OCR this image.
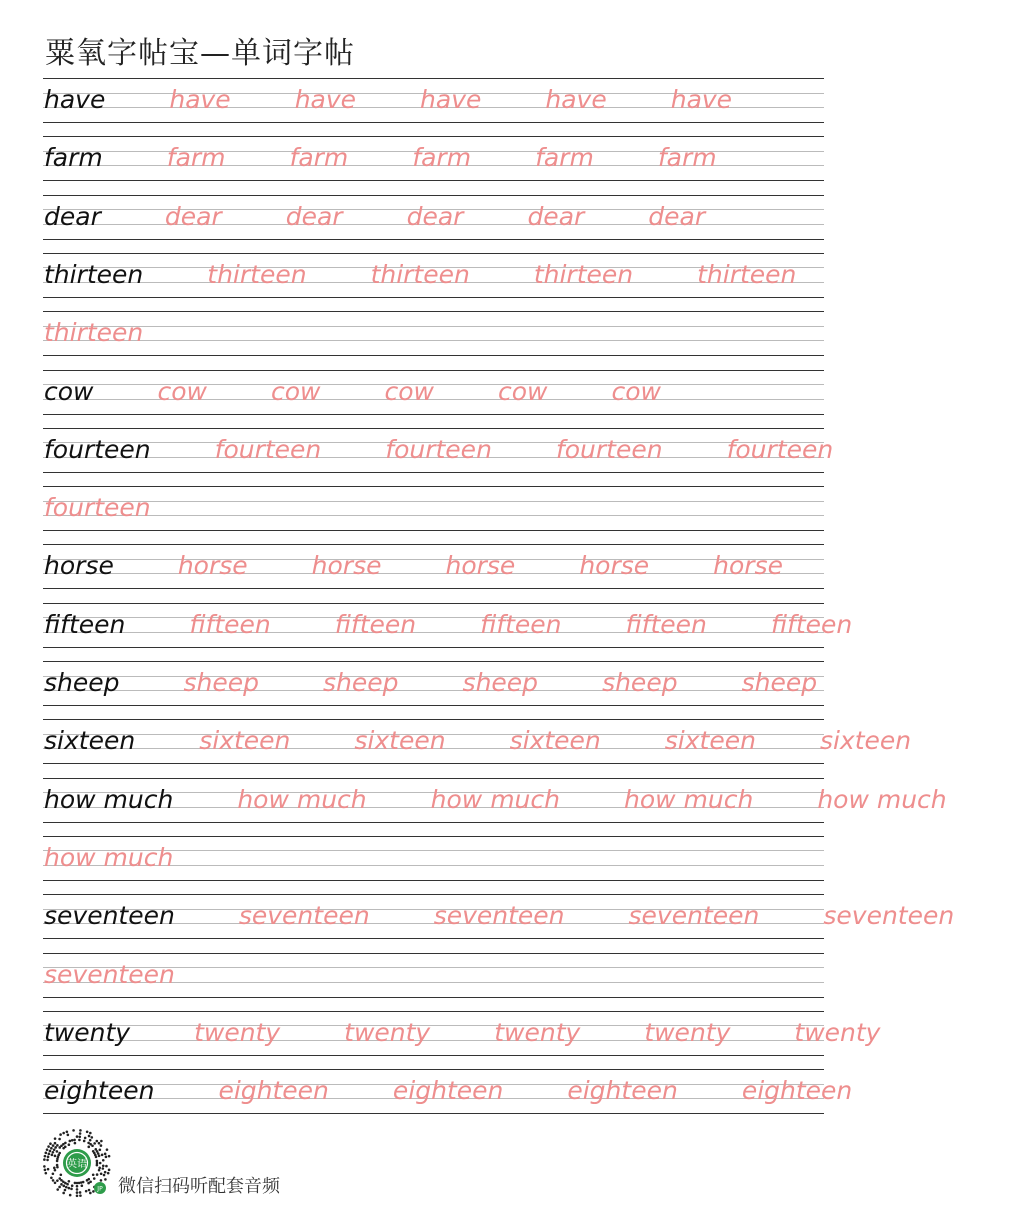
粟氧字帖宝—单词字帖
have	have	have	have	have	have
farm	farm	farm	farm	farm	farm
dear	dear	dear	dear	dear	dear
thirteen	thirteen	thirteen	thirteen	thirteen
thirteen
cow	cow	cow	cow	cow	cow
fourteen	fourteen	fourteen	fourteen	fourteen
fourteen
horse	horse	horse	horse	horse	horse
fifteen	fifteen	fifteen	fifteen	fifteen	fifteen
sheep	sheep	sheep	sheep	sheep	sheep
sixteen	sixteen	sixteen	sixteen	sixteen	sixteen
how much	how much	how much	how much	how much
how much
seventeen	seventeen	seventeen	seventeen	seventeen
seventeen
twenty	twenty	twenty	twenty	twenty	twenty
eighteen	eighteen	eighteen	eighteen	eighteen
英语
JP 微信扫码听配套音频
